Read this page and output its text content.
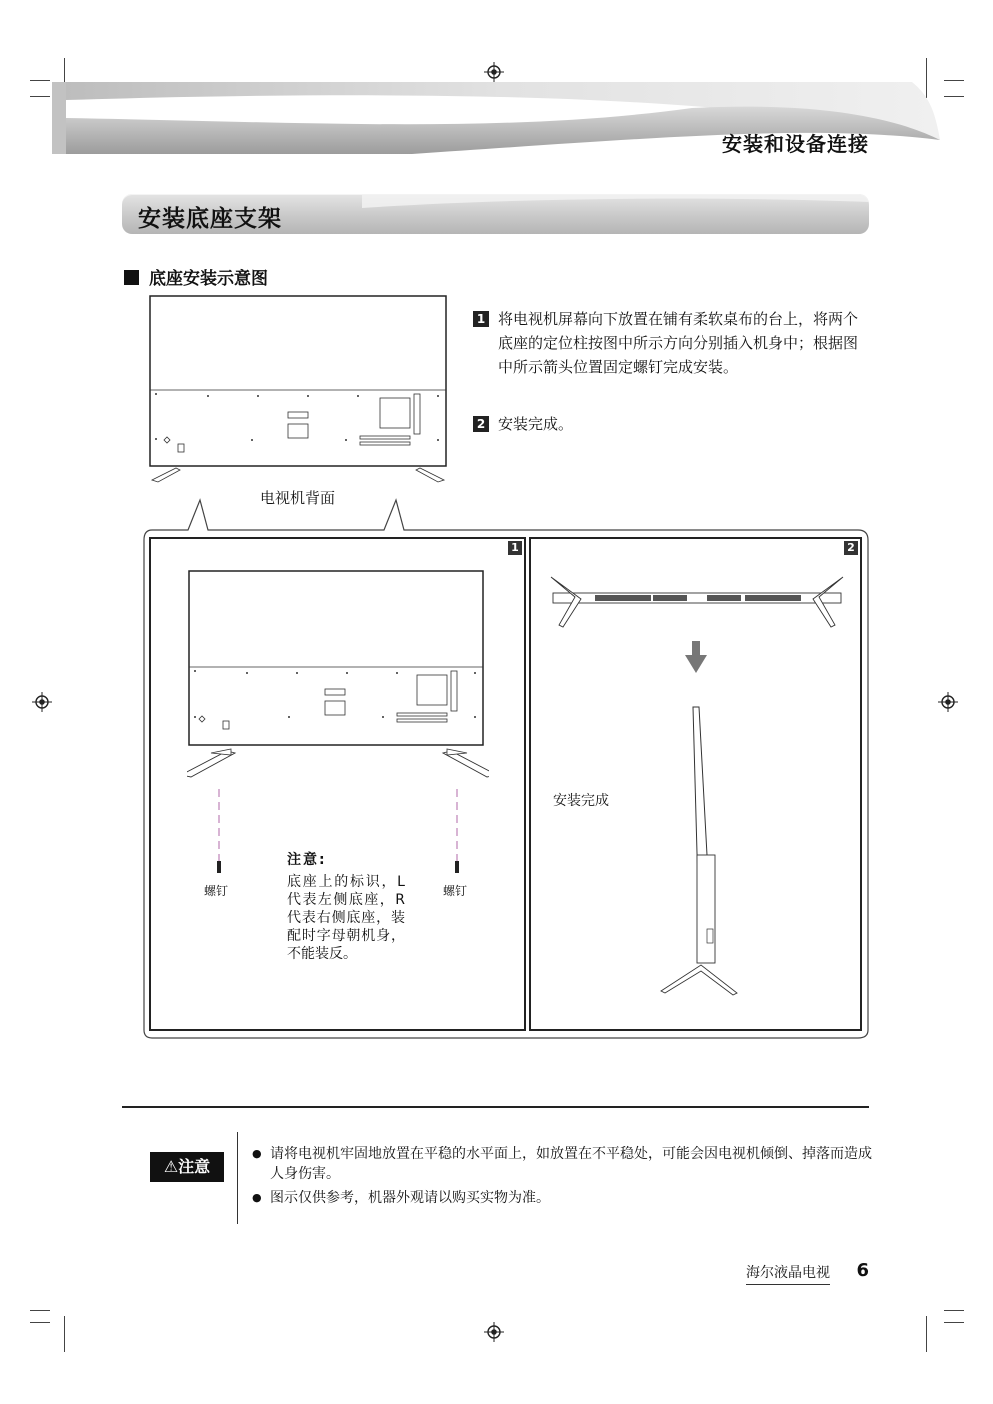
安装和设备连接
安装底座支架
底座安装示意图
1 将电视机屏幕向下放置在铺有柔软桌布的台上，将两个底座的定位柱按图中所示方向分别插入机身中；根据图中所示箭头位置固定螺钉完成安装。
2 安装完成。
电视机背面
1
螺钉	螺钉
注意:
底座上的标识，L代表左侧底座，R代表右侧底座，装配时字母朝机身，不能装反。
2
安装完成
⚠注意
● 请将电视机牢固地放置在平稳的水平面上，如放置在不平稳处，可能会因电视机倾倒、掉落而造成人身伤害。
● 图示仅供参考，机器外观请以购买实物为准。
海尔液晶电视 6
